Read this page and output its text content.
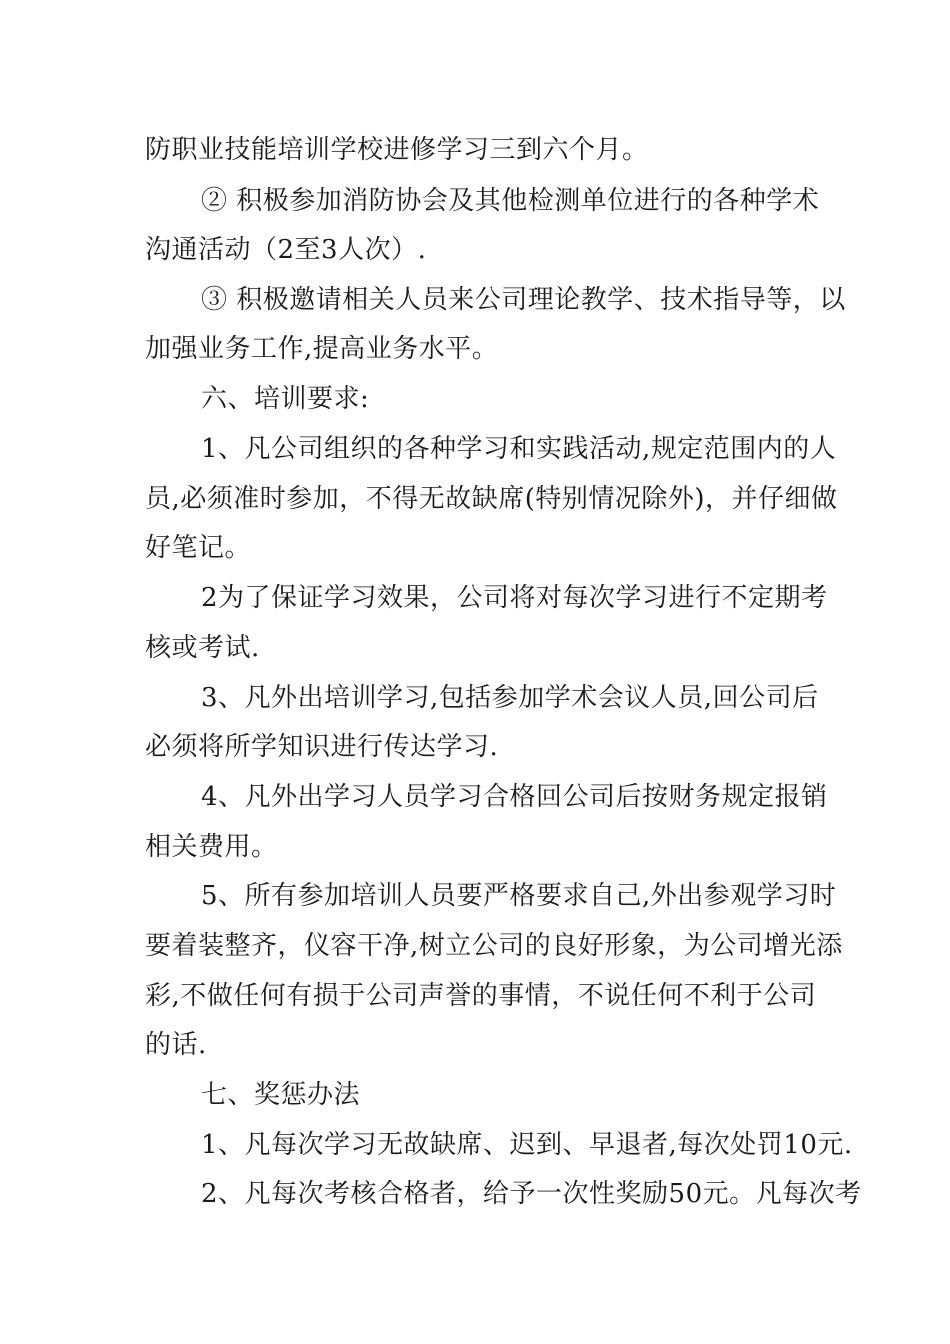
防职业技能培训学校进修学习三到六个月。
② 积极参加消防协会及其他检测单位进行的各种学术
沟通活动（2至3人次）.
③ 积极邀请相关人员来公司理论教学、技术指导等，以
加强业务工作,提高业务水平。
六、培训要求:
1、凡公司组织的各种学习和实践活动,规定范围内的人
员,必须准时参加，不得无故缺席(特别情况除外)，并仔细做
好笔记。
2为了保证学习效果，公司将对每次学习进行不定期考
核或考试.
3、凡外出培训学习,包括参加学术会议人员,回公司后
必须将所学知识进行传达学习.
4、凡外出学习人员学习合格回公司后按财务规定报销
相关费用。
5、所有参加培训人员要严格要求自己,外出参观学习时
要着装整齐，仪容干净,树立公司的良好形象，为公司增光添
彩,不做任何有损于公司声誉的事情，不说任何不利于公司
的话.
七、奖惩办法
1、凡每次学习无故缺席、迟到、早退者,每次处罚10元.
2、凡每次考核合格者，给予一次性奖励50元。凡每次考
